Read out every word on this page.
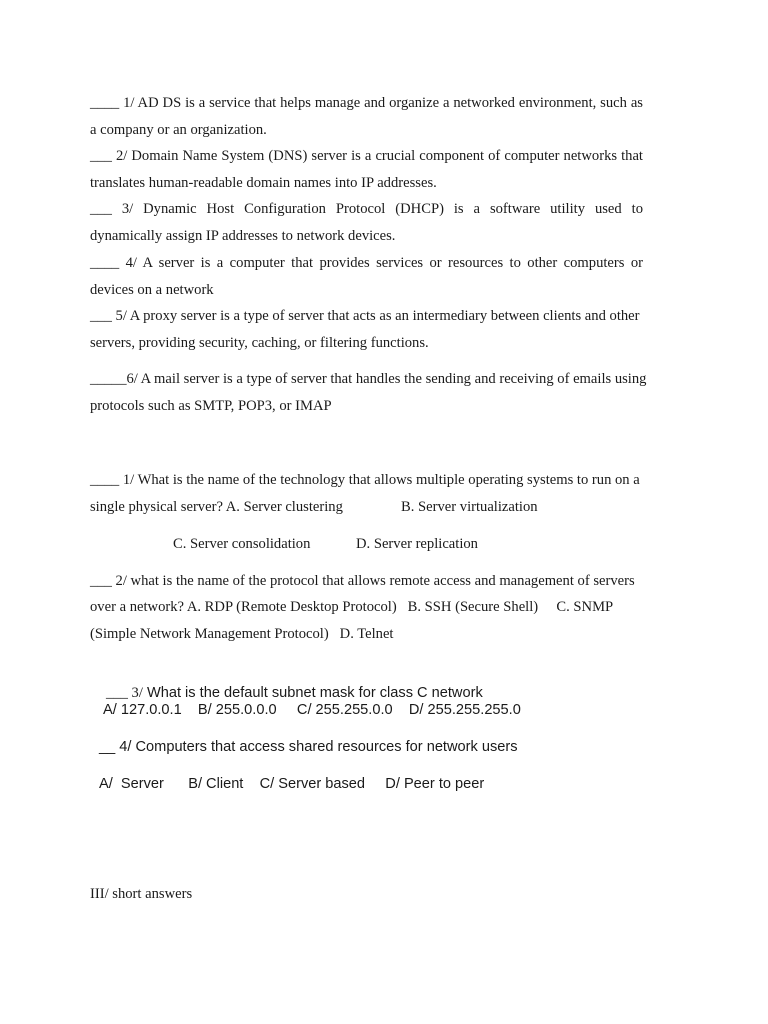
____ 1/ AD DS is a service that helps manage and organize a networked environment, such as a company or an organization.
___ 2/ Domain Name System (DNS) server is a crucial component of computer networks that translates human-readable domain names into IP addresses.
___ 3/ Dynamic Host Configuration Protocol (DHCP) is a software utility used to dynamically assign IP addresses to network devices.
____ 4/ A server is a computer that provides services or resources to other computers or devices on a network
___ 5/ A proxy server is a type of server that acts as an intermediary between clients and other servers, providing security, caching, or filtering functions.
_____6/ A mail server is a type of server that handles the sending and receiving of emails using protocols such as SMTP, POP3, or IMAP
____ 1/ What is the name of the technology that allows multiple operating systems to run on a
single physical server? A. Server clustering	B. Server virtualization
C. Server consolidation	D. Server replication
___ 2/ what is the name of the protocol that allows remote access and management of servers
over a network? A. RDP (Remote Desktop Protocol)   B. SSH (Secure Shell)     C. SNMP
(Simple Network Management Protocol)   D. Telnet

___ 3/ What is the default subnet mask for class C network

A/ 127.0.0.1    B/ 255.0.0.0     C/ 255.255.0.0    D/ 255.255.255.0
__ 4/ Computers that access shared resources for network users
A/  Server      B/ Client    C/ Server based     D/ Peer to peer
III/ short answers
